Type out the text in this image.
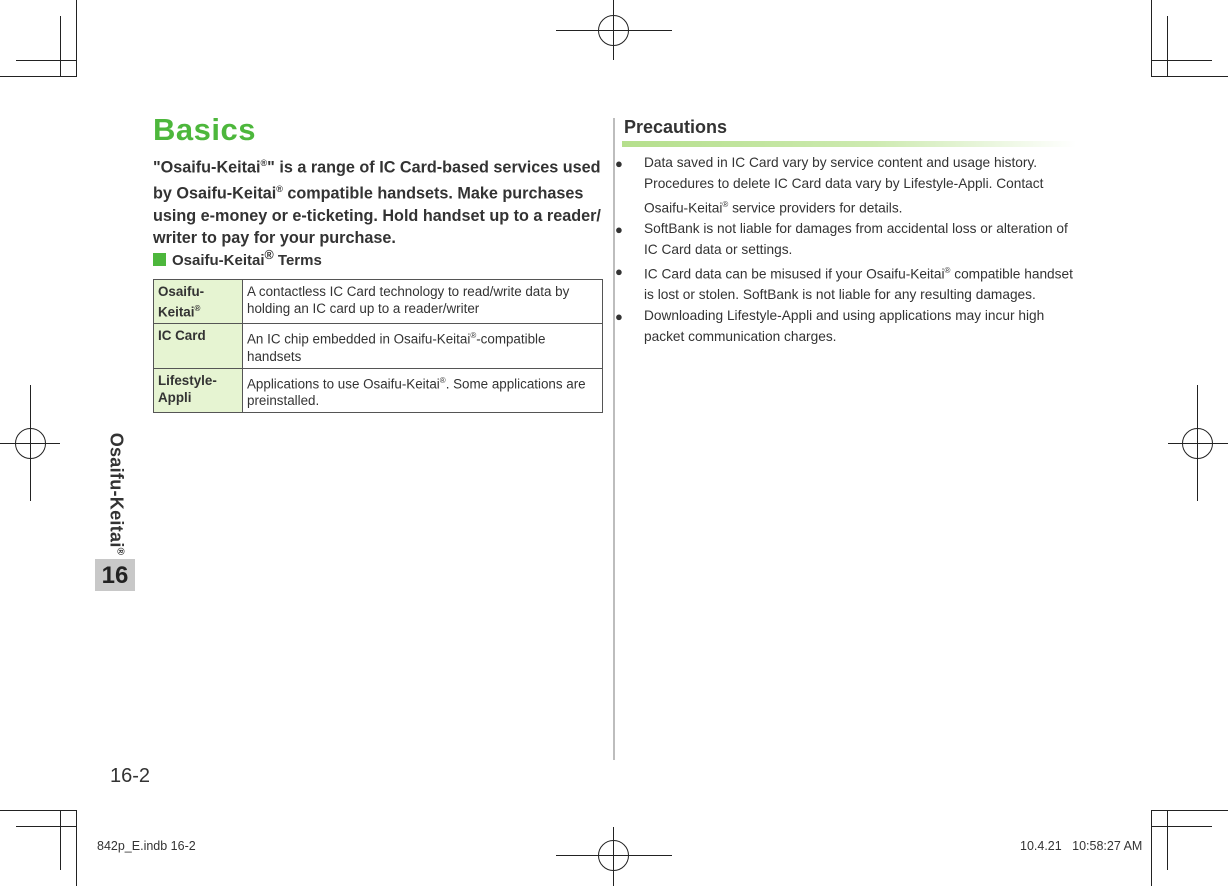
Osaifu-Keitai®
16
Basics
"Osaifu-Keitai®" is a range of IC Card-based services used by Osaifu-Keitai® compatible handsets. Make purchases using e-money or e-ticketing. Hold handset up to a reader/ writer to pay for your purchase.
Osaifu-Keitai® Terms
Osaifu-Keitai®	A contactless IC Card technology to read/write data by holding an IC card up to a reader/writer
IC Card	An IC chip embedded in Osaifu-Keitai®-compatible handsets
Lifestyle-Appli	Applications to use Osaifu-Keitai®. Some applications are preinstalled.
Precautions
● Data saved in IC Card vary by service content and usage history.
Procedures to delete IC Card data vary by Lifestyle-Appli. Contact
Osaifu-Keitai® service providers for details.
● SoftBank is not liable for damages from accidental loss or alteration of IC Card data or settings.
● IC Card data can be misused if your Osaifu-Keitai® compatible handset is lost or stolen. SoftBank is not liable for any resulting damages.
● Downloading Lifestyle-Appli and using applications may incur high
packet communication charges.
16-2
842p_E.indb 16-2	10.4.21   10:58:27 AM
